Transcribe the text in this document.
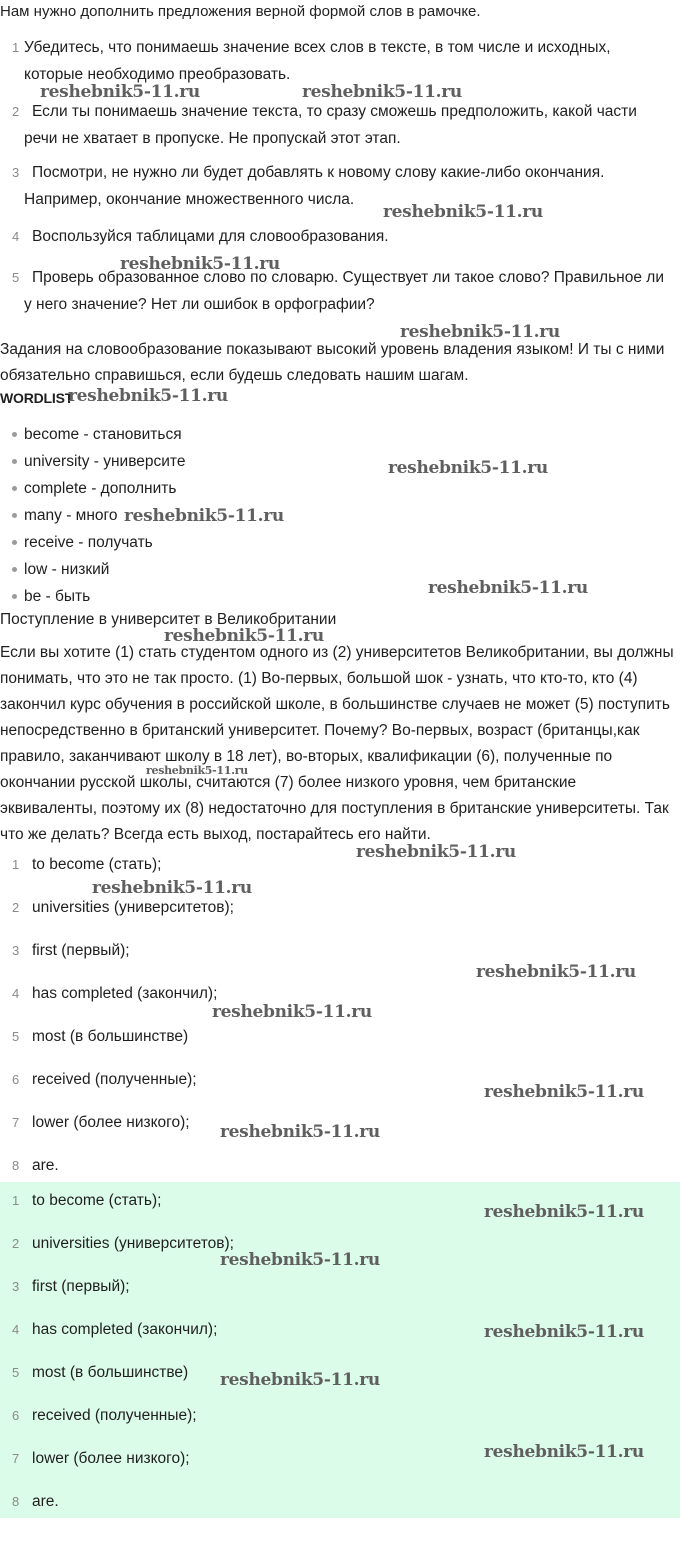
Нам нужно дополнить предложения верной формой слов в рамочке.
1 Убедитесь, что понимаешь значение всех слов в тексте, в том числе и исходных, которые необходимо преобразовать.
2 Если ты понимаешь значение текста, то сразу сможешь предположить, какой части речи не хватает в пропуске. Не пропускай этот этап.
3 Посмотри, не нужно ли будет добавлять к новому слову какие-либо окончания. Например, окончание множественного числа.
4 Воспользуйся таблицами для словообразования.
5 Проверь образованное слово по словарю. Существует ли такое слово? Правильное ли у него значение? Нет ли ошибок в орфографии?
Задания на словообразование показывают высокий уровень владения языком! И ты с ними обязательно справишься, если будешь следовать нашим шагам.
WORDLIST
become - становиться
university - университе
complete - дополнить
many - много
receive - получать
low - низкий
be - быть
Поступление в университет в Великобритании
Если вы хотите (1) стать студентом одного из (2) университетов Великобритании, вы должны понимать, что это не так просто. (1) Во-первых, большой шок - узнать, что кто-то, кто (4) закончил курс обучения в российской школе, в большинстве случаев не может (5) поступить непосредственно в британский университет. Почему? Во-первых, возраст (британцы,как правило, заканчивают школу в 18 лет), во-вторых, квалификации (6), полученные по окончании русской школы, считаются (7) более низкого уровня, чем британские эквиваленты, поэтому их (8) недостаточно для поступления в британские университеты. Так что же делать? Всегда есть выход, постарайтесь его найти.
1 to become (стать);
2 universities (университетов);
3 first (первый);
4 has completed (закончил);
5 most (в большинстве)
6 received (полученные);
7 lower (более низкого);
8 are.
1 to become (стать);
2 universities (университетов);
3 first (первый);
4 has completed (закончил);
5 most (в большинстве)
6 received (полученные);
7 lower (более низкого);
8 are.
reshebnik5-11.ru	reshebnik5-11.ru
reshebnik5-11.ru
reshebnik5-11.ru
reshebnik5-11.ru
reshebnik5-11.ru
reshebnik5-11.ru
reshebnik5-11.ru
reshebnik5-11.ru
reshebnik5-11.ru
reshebnik5-11.ru
reshebnik5-11.ru
reshebnik5-11.ru
reshebnik5-11.ru
reshebnik5-11.ru
reshebnik5-11.ru
reshebnik5-11.ru
reshebnik5-11.ru
reshebnik5-11.ru
reshebnik5-11.ru
reshebnik5-11.ru
reshebnik5-11.ru
